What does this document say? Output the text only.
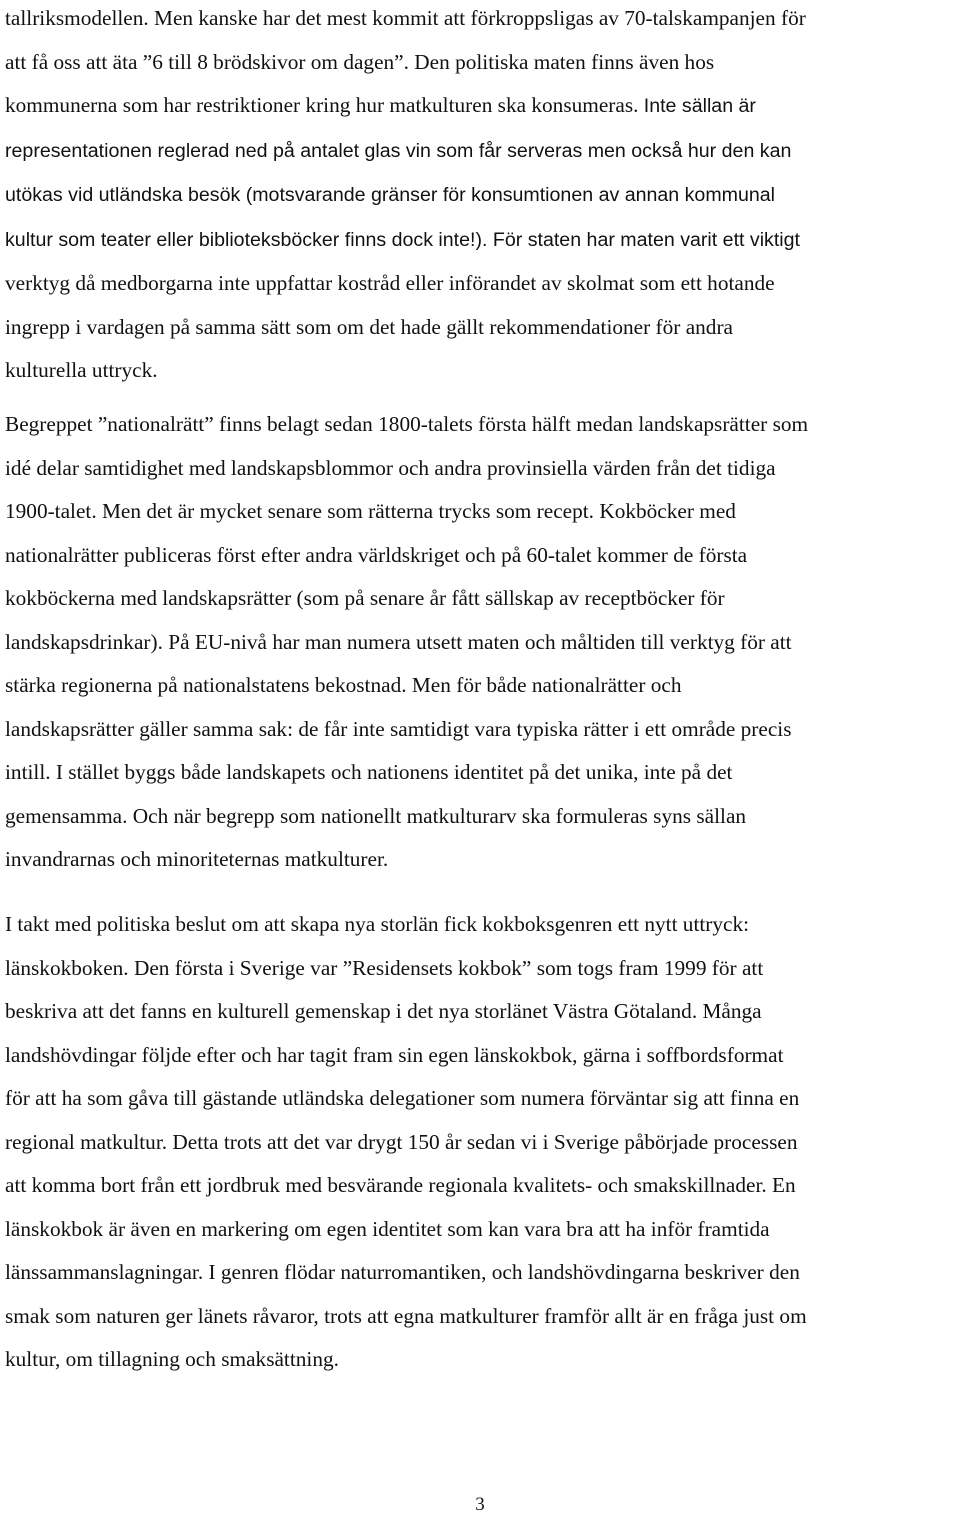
tallriksmodellen. Men kanske har det mest kommit att förkroppsligas av 70-talskampanjen för
att få oss att äta ”6 till 8 brödskivor om dagen”. Den politiska maten finns även hos
kommunerna som har restriktioner kring hur matkulturen ska konsumeras. Inte sällan är
representationen reglerad ned på antalet glas vin som får serveras men också hur den kan
utökas vid utländska besök (motsvarande gränser för konsumtionen av annan kommunal
kultur som teater eller biblioteksböcker finns dock inte!). För staten har maten varit ett viktigt
verktyg då medborgarna inte uppfattar kostråd eller införandet av skolmat som ett hotande
ingrepp i vardagen på samma sätt som om det hade gällt rekommendationer för andra
kulturella uttryck.
Begreppet ”nationalrätt” finns belagt sedan 1800-talets första hälft medan landskapsrätter som
idé delar samtidighet med landskapsblommor och andra provinsiella värden från det tidiga
1900-talet. Men det är mycket senare som rätterna trycks som recept. Kokböcker med
nationalrätter publiceras först efter andra världskriget och på 60-talet kommer de första
kokböckerna med landskapsrätter (som på senare år fått sällskap av receptböcker för
landskapsdrinkar). På EU-nivå har man numera utsett maten och måltiden till verktyg för att
stärka regionerna på nationalstatens bekostnad. Men för både nationalrätter och
landskapsrätter gäller samma sak: de får inte samtidigt vara typiska rätter i ett område precis
intill. I stället byggs både landskapets och nationens identitet på det unika, inte på det
gemensamma. Och när begrepp som nationellt matkulturarv ska formuleras syns sällan
invandrarnas och minoriteternas matkulturer.
I takt med politiska beslut om att skapa nya storlän fick kokboksgenren ett nytt uttryck:
länskokboken. Den första i Sverige var ”Residensets kokbok” som togs fram 1999 för att
beskriva att det fanns en kulturell gemenskap i det nya storlänet Västra Götaland. Många
landshövdingar följde efter och har tagit fram sin egen länskokbok, gärna i soffbordsformat
för att ha som gåva till gästande utländska delegationer som numera förväntar sig att finna en
regional matkultur. Detta trots att det var drygt 150 år sedan vi i Sverige påbörjade processen
att komma bort från ett jordbruk med besvärande regionala kvalitets- och smakskillnader. En
länskokbok är även en markering om egen identitet som kan vara bra att ha inför framtida
länssammanslagningar. I genren flödar naturromantiken, och landshövdingarna beskriver den
smak som naturen ger länets råvaror, trots att egna matkulturer framför allt är en fråga just om
kultur, om tillagning och smaksättning.
3
